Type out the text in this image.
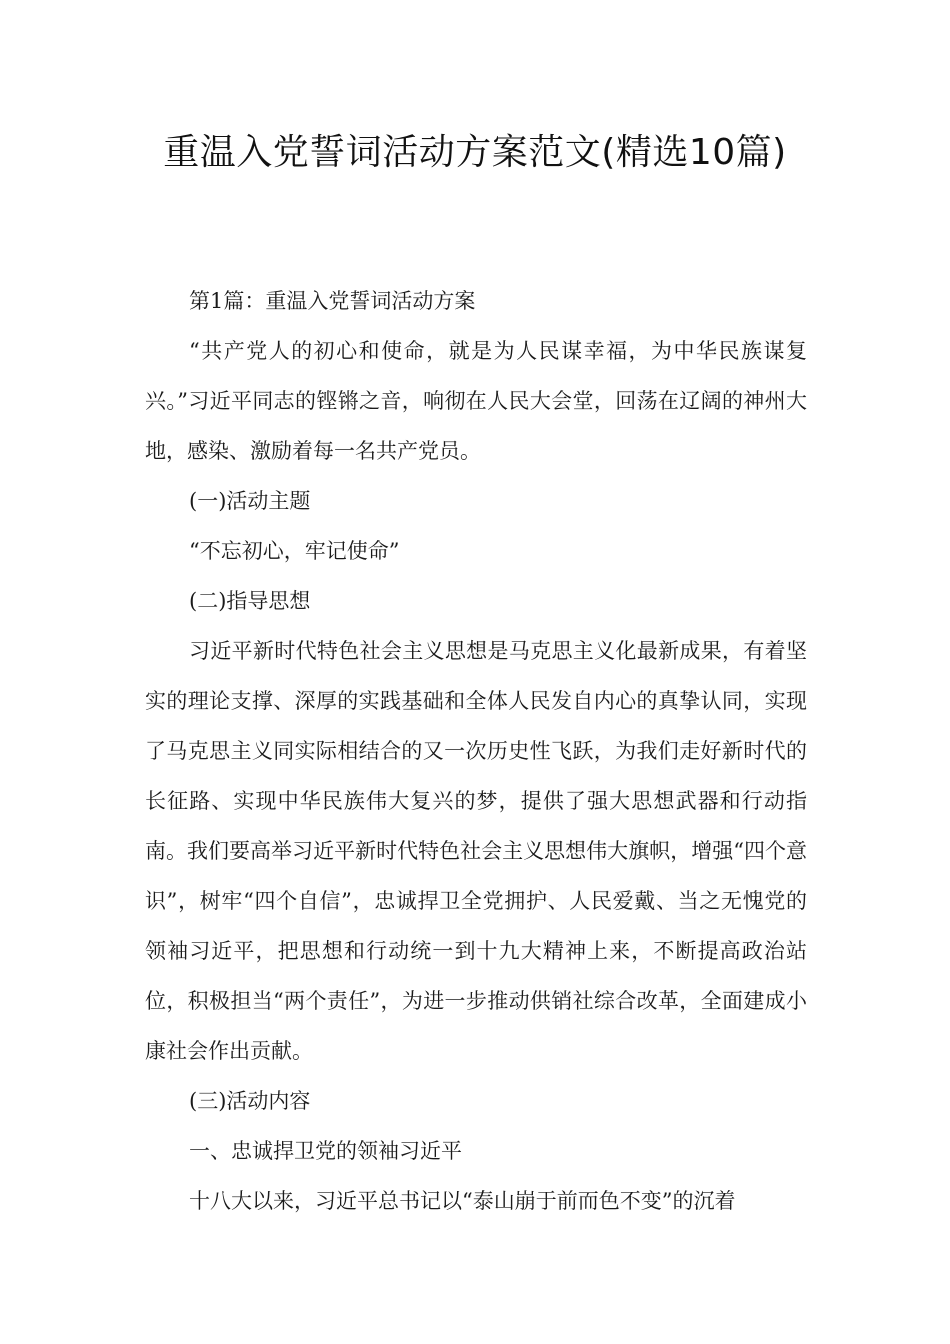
重温入党誓词活动方案范文(精选10篇)

第1篇：重温入党誓词活动方案

“共产党人的初心和使命，就是为人民谋幸福，为中华民族谋复兴。”习近平同志的铿锵之音，响彻在人民大会堂，回荡在辽阔的神州大地，感染、激励着每一名共产党员。

(一)活动主题

“不忘初心，牢记使命”

(二)指导思想

习近平新时代特色社会主义思想是马克思主义化最新成果，有着坚实的理论支撑、深厚的实践基础和全体人民发自内心的真挚认同，实现了马克思主义同实际相结合的又一次历史性飞跃，为我们走好新时代的长征路、实现中华民族伟大复兴的梦，提供了强大思想武器和行动指南。我们要高举习近平新时代特色社会主义思想伟大旗帜，增强“四个意识”，树牢“四个自信”，忠诚捍卫全党拥护、人民爱戴、当之无愧党的领袖习近平，把思想和行动统一到十九大精神上来，不断提高政治站位，积极担当“两个责任”，为进一步推动供销社综合改革，全面建成小康社会作出贡献。

(三)活动内容

一、忠诚捍卫党的领袖习近平

十八大以来，习近平总书记以“泰山崩于前而色不变”的沉着
